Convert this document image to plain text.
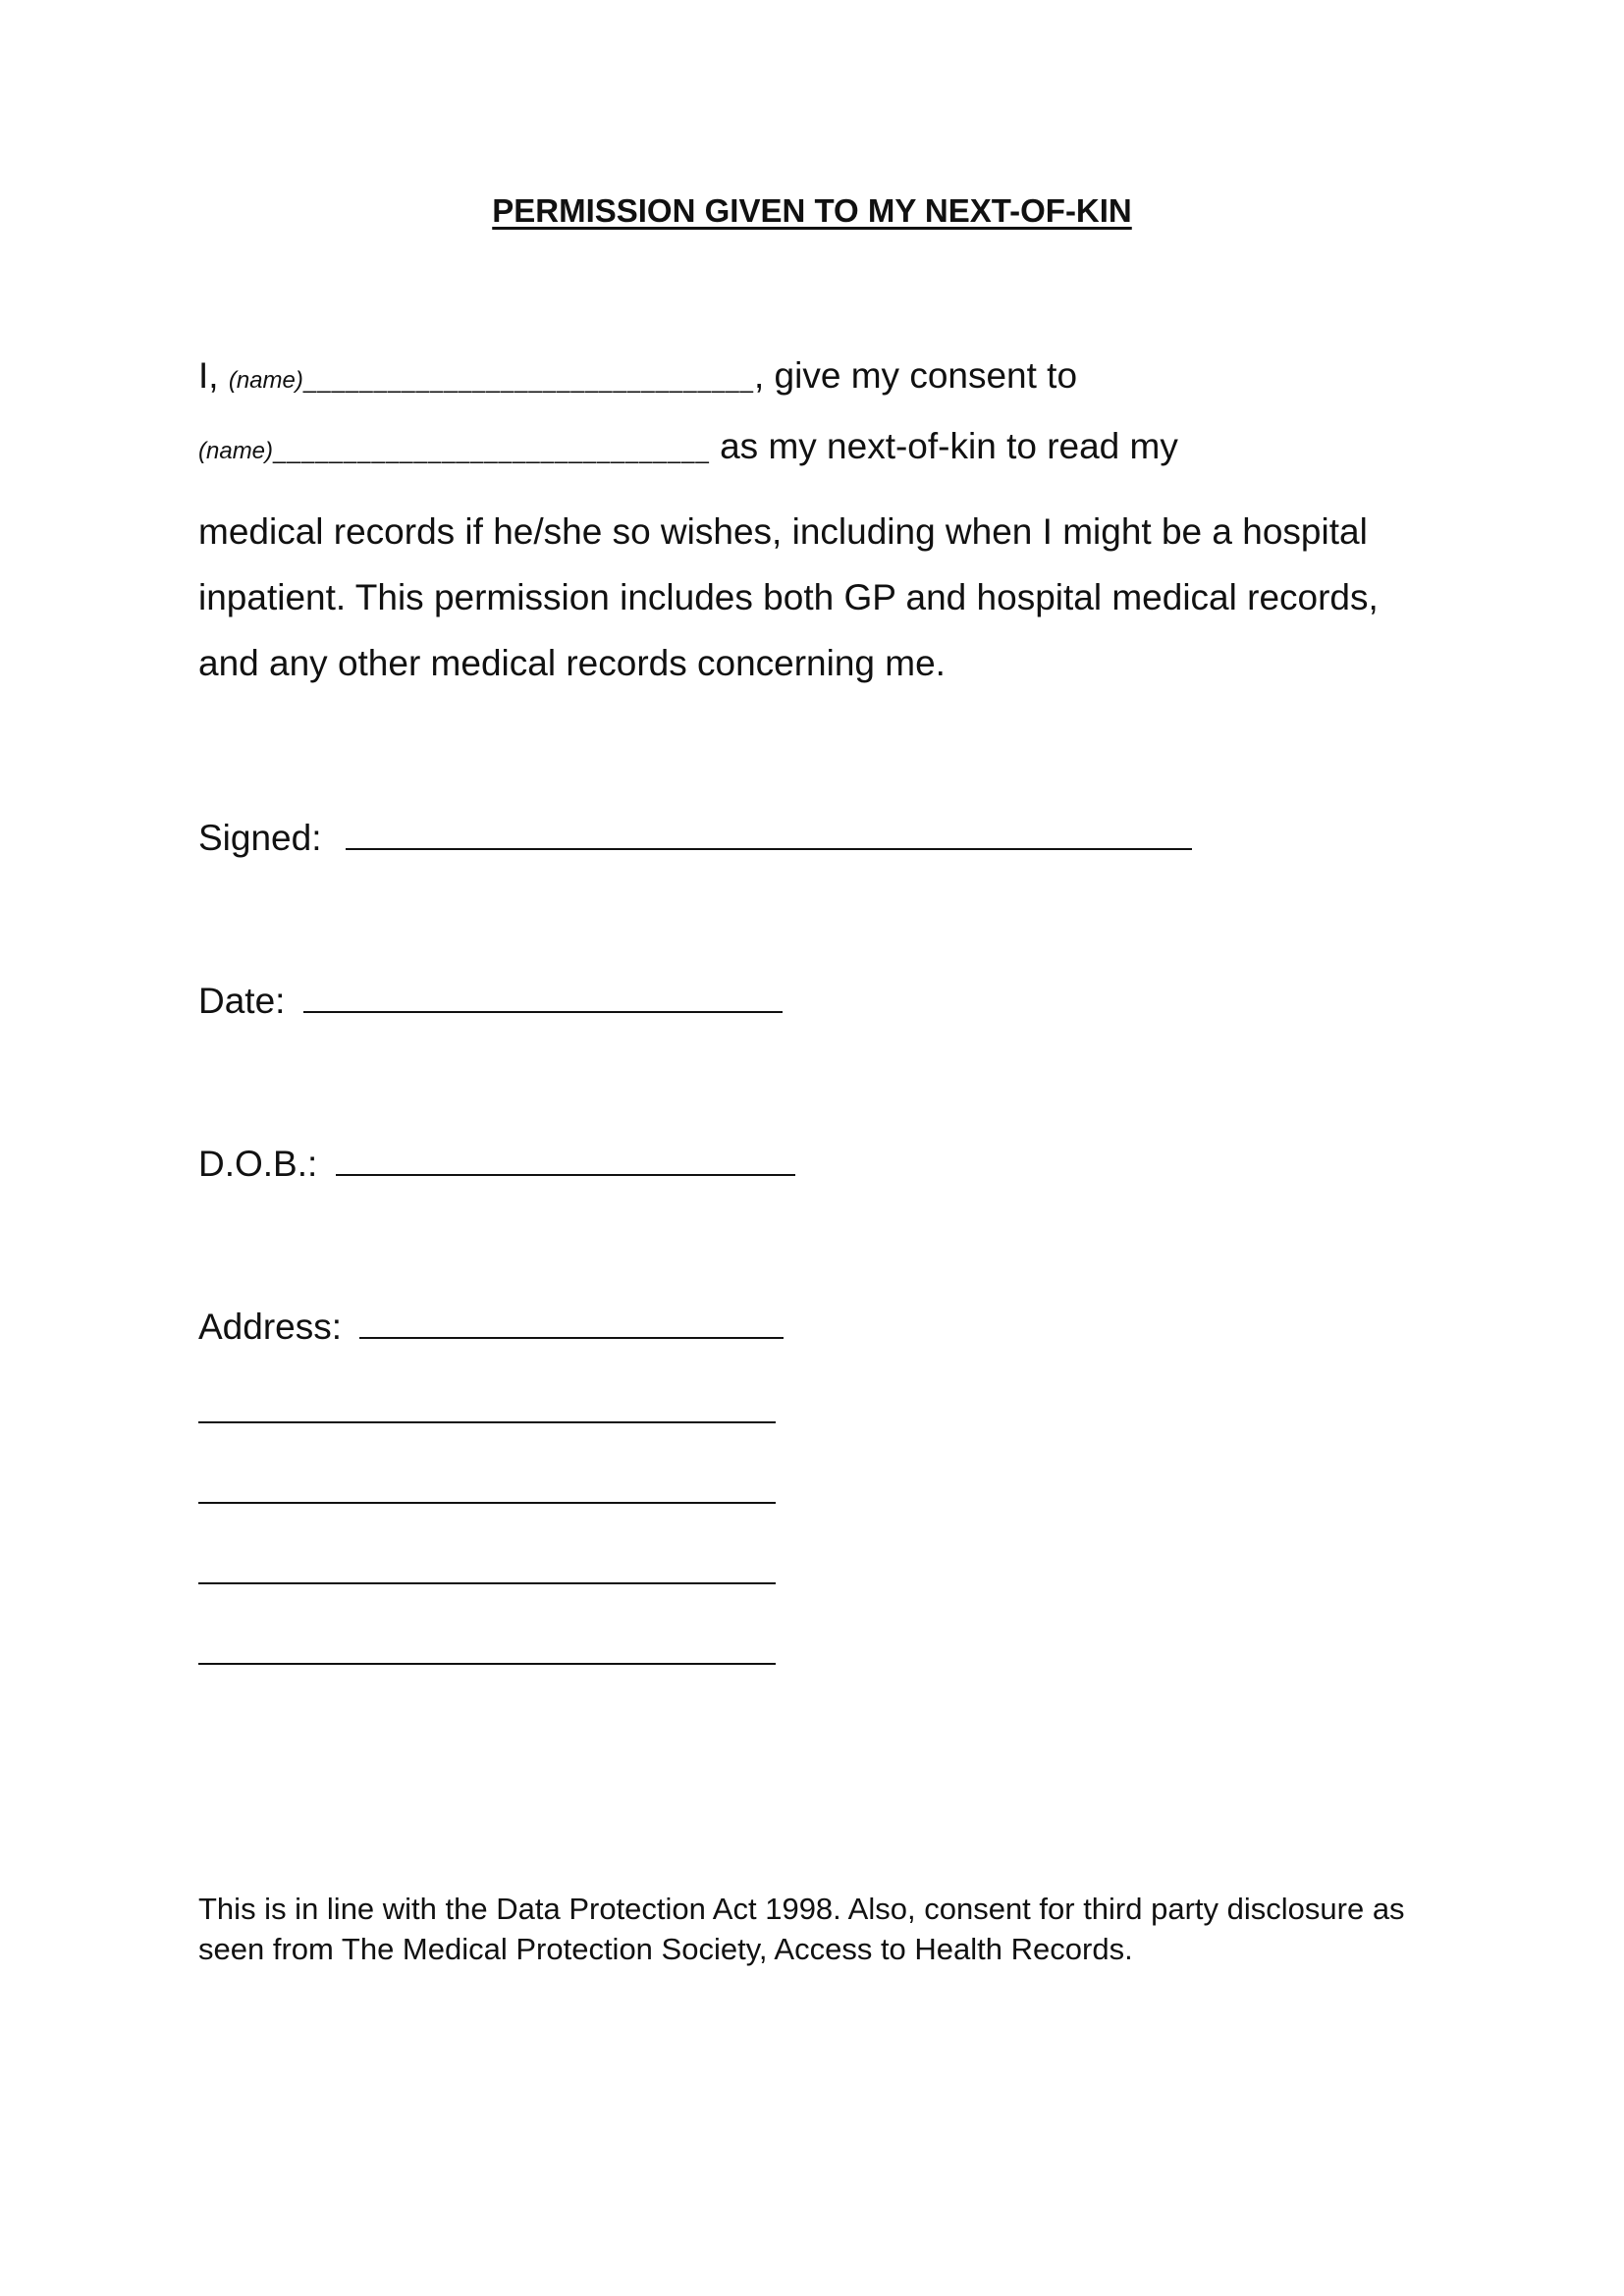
PERMISSION GIVEN TO MY NEXT-OF-KIN
I, (name)________________________________, give my consent to
(name)_______________________________ as my next-of-kin to read my
medical records if he/she so wishes, including when I might be a hospital
inpatient. This permission includes both GP and hospital medical records,
and any other medical records concerning me.
Signed:
Date:
D.O.B.:
Address:
This is in line with the Data Protection Act 1998. Also, consent for third party disclosure as
seen from The Medical Protection Society, Access to Health Records.
